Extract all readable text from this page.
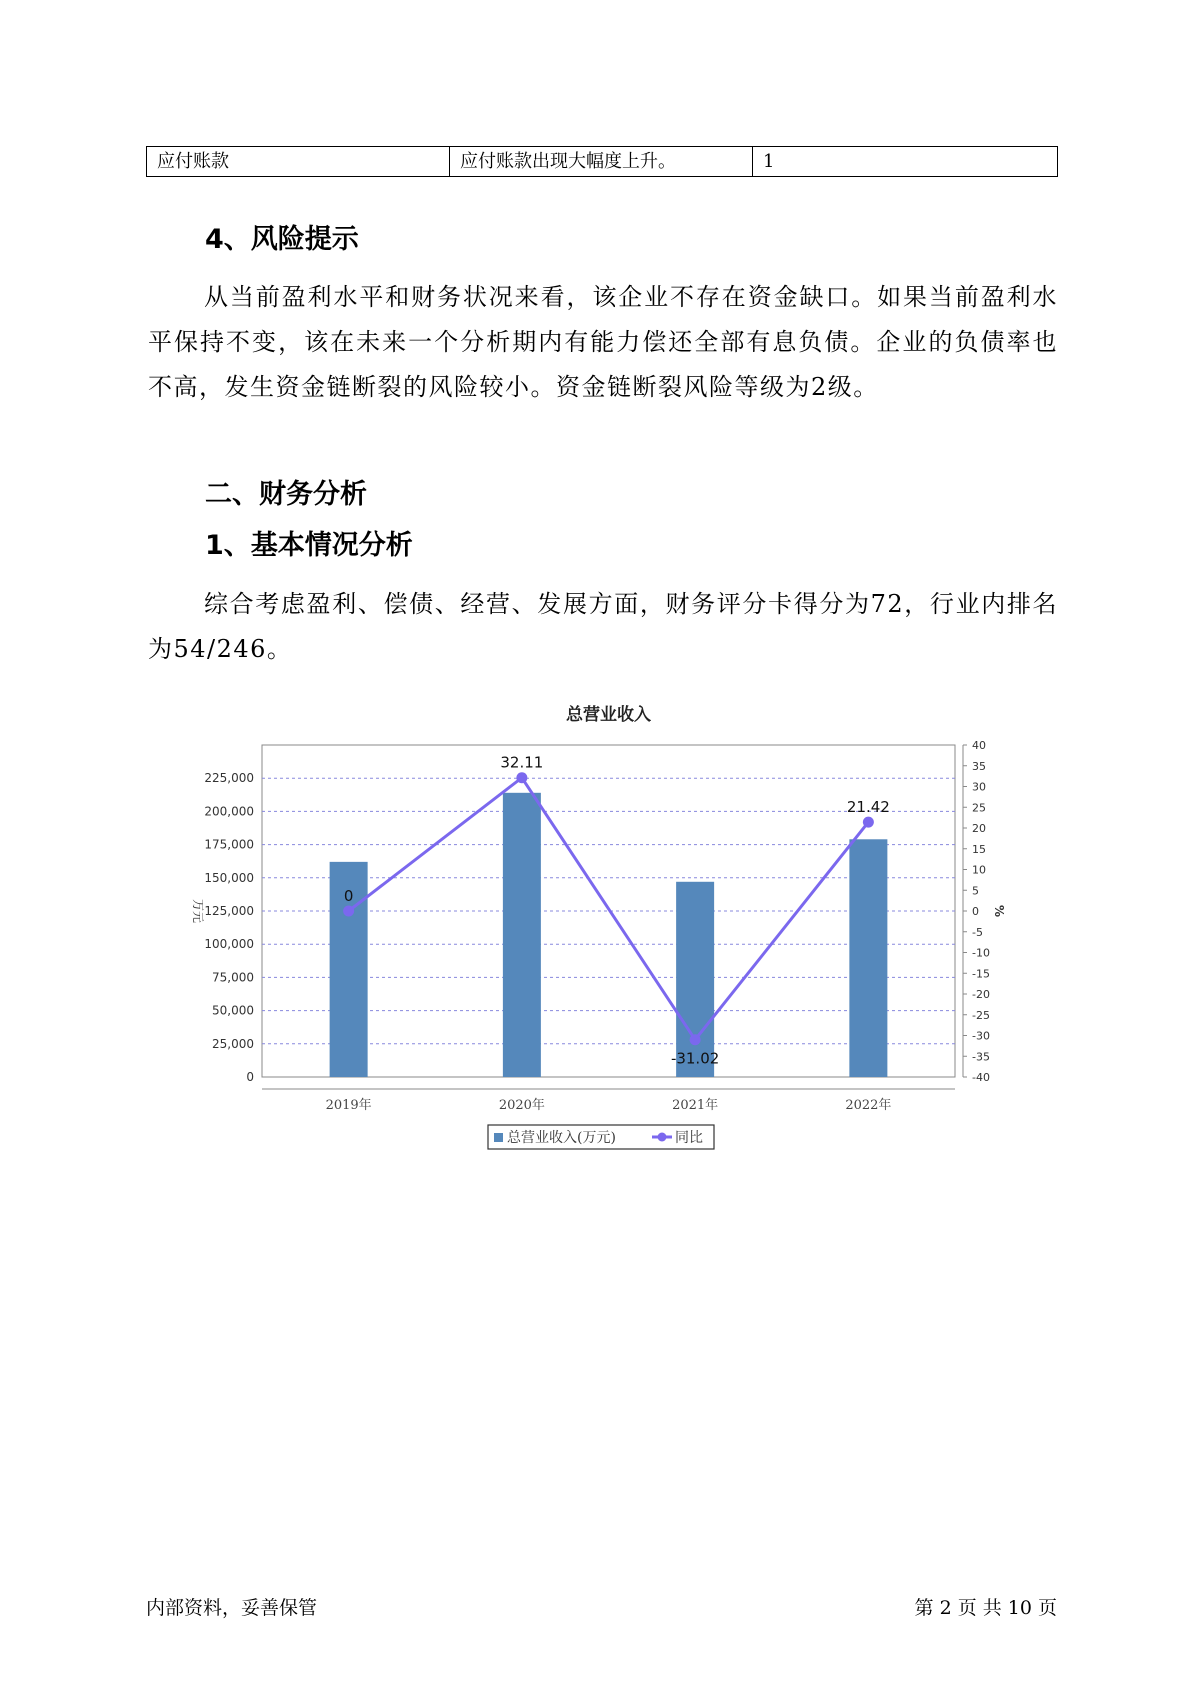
应付账款	应付账款出现大幅度上升。	1
4、风险提示

从当前盈利水平和财务状况来看，该企业不存在资金缺口。如果当前盈利水平保持不变，该在未来一个分析期内有能力偿还全部有息负债。企业的负债率也不高，发生资金链断裂的风险较小。资金链断裂风险等级为2级。

二、财务分析
1、基本情况分析

综合考虑盈利、偿债、经营、发展方面，财务评分卡得分为72，行业内排名为54/246。

总营业收入
0
25,000
50,000
75,000
100,000
125,000
150,000
175,000
200,000
225,000
-40
-35
-30
-25
-20
-15
-10
-5
0
5
10
15
20
25
30
35
40
万元	%
2019年	2020年	2021年	2022年
0
32.11
-31.02
21.42
总营业收入(万元)	同比
内部资料，妥善保管	第 2 页 共 10 页
